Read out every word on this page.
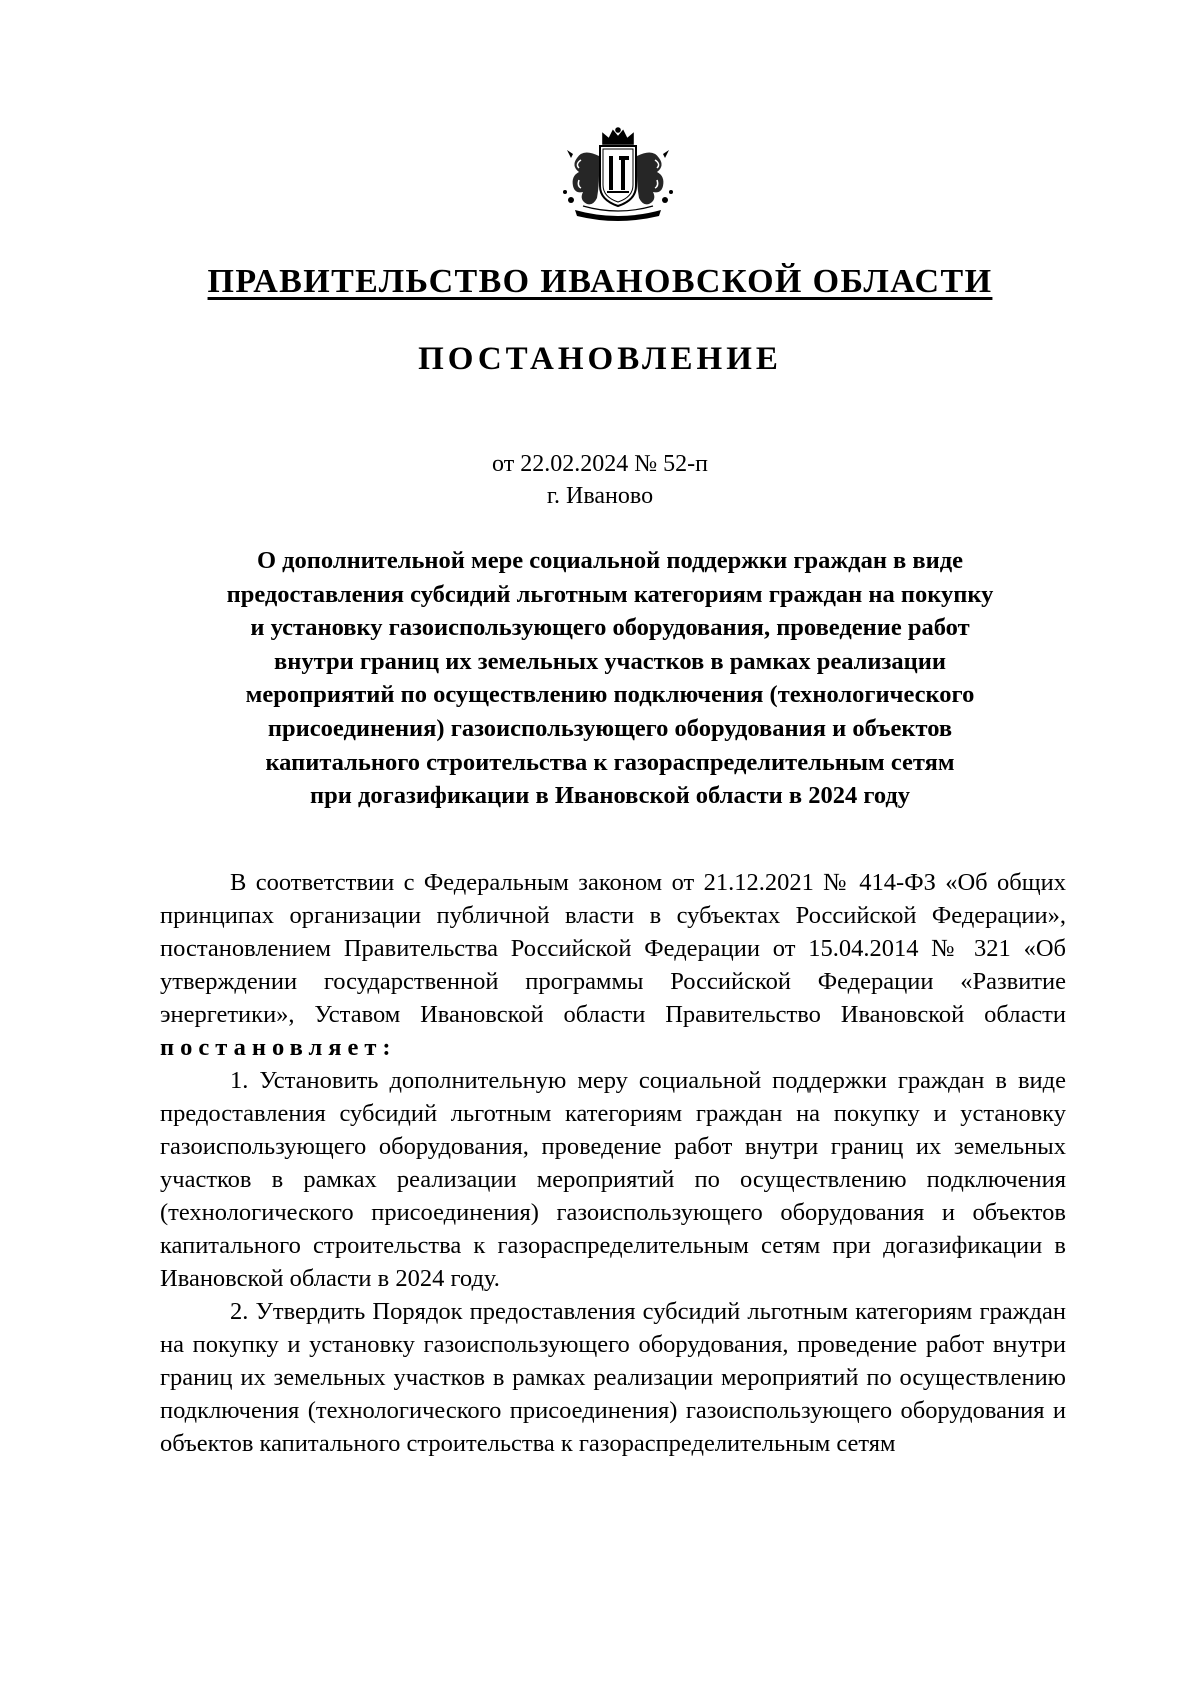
ПРАВИТЕЛЬСТВО ИВАНОВСКОЙ ОБЛАСТИ
ПОСТАНОВЛЕНИЕ
от 22.02.2024 № 52-п
г. Иваново
О дополнительной мере социальной поддержки граждан в виде
предоставления субсидий льготным категориям граждан на покупку
и установку газоиспользующего оборудования, проведение работ
внутри границ их земельных участков в рамках реализации
мероприятий по осуществлению подключения (технологического
присоединения) газоиспользующего оборудования и объектов
капитального строительства к газораспределительным сетям
при догазификации в Ивановской области в 2024 году

В соответствии с Федеральным законом от 21.12.2021 № 414-ФЗ «Об общих принципах организации публичной власти в субъектах Российской Федерации», постановлением Правительства Российской Федерации от 15.04.2014 № 321 «Об утверждении государственной программы Российской Федерации «Развитие энергетики», Уставом Ивановской области Правительство Ивановской области постановляет:

1. Установить дополнительную меру социальной поддержки граждан в виде предоставления субсидий льготным категориям граждан на покупку и установку газоиспользующего оборудования, проведение работ внутри границ их земельных участков в рамках реализации мероприятий по осуществлению подключения (технологического присоединения) газоиспользующего оборудования и объектов капитального строительства к газораспределительным сетям при догазификации в Ивановской области в 2024 году.

2. Утвердить Порядок предоставления субсидий льготным категориям граждан на покупку и установку газоиспользующего оборудования, проведение работ внутри границ их земельных участков в рамках реализации мероприятий по осуществлению подключения (технологического присоединения) газоиспользующего оборудования и объектов капитального строительства к газораспределительным сетям
